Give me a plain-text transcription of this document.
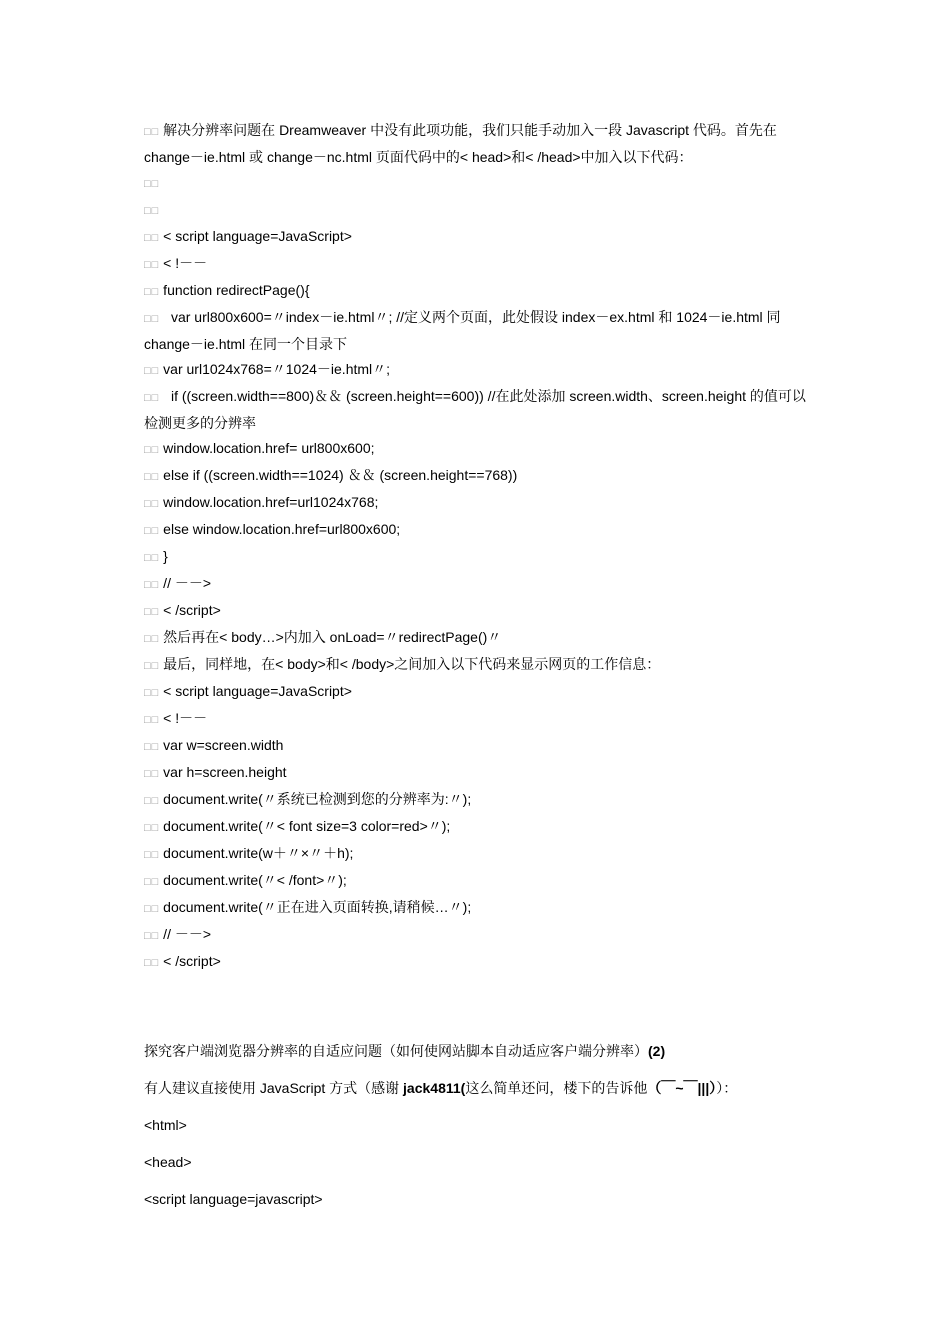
□□ 解决分辨率问题在 Dreamweaver 中没有此项功能，我们只能手动加入一段 Javascript 代码。首先在 change－ie.html 或 change－nc.html 页面代码中的< head>和< /head>中加入以下代码：

□□

□□

□□ < script language=JavaScript>

□□ < !－－

□□ function redirectPage(){

□□   var url800x600=〃index－ie.html〃; //定义两个页面，此处假设 index－ex.html 和 1024－ie.html 同 change－ie.html 在同一个目录下

□□ var url1024x768=〃1024－ie.html〃;

□□   if ((screen.width==800)＆＆ (screen.height==600)) //在此处添加 screen.width、screen.height 的值可以检测更多的分辨率

□□ window.location.href= url800x600;

□□ else if ((screen.width==1024) ＆＆ (screen.height==768))

□□ window.location.href=url1024x768;

□□ else window.location.href=url800x600;

□□ }

□□ // －－>

□□ < /script>

□□ 然后再在< body…>内加入 onLoad=〃redirectPage()〃

□□ 最后，同样地，在< body>和< /body>之间加入以下代码来显示网页的工作信息：

□□ < script language=JavaScript>

□□ < !－－

□□ var w=screen.width

□□ var h=screen.height

□□ document.write(〃系统已检测到您的分辨率为:〃);

□□ document.write(〃< font size=3 color=red>〃);

□□ document.write(w＋〃×〃＋h);

□□ document.write(〃< /font>〃);

□□ document.write(〃正在进入页面转换,请稍候…〃);

□□ // －－>

□□ < /script>

探究客户端浏览器分辨率的自适应问题（如何使网站脚本自动适应客户端分辨率）(2)

有人建议直接使用 JavaScript 方式（感谢 jack4811(这么简单还问，楼下的告诉他（￣~￣|||））：

<html>

<head>

<script language=javascript>
